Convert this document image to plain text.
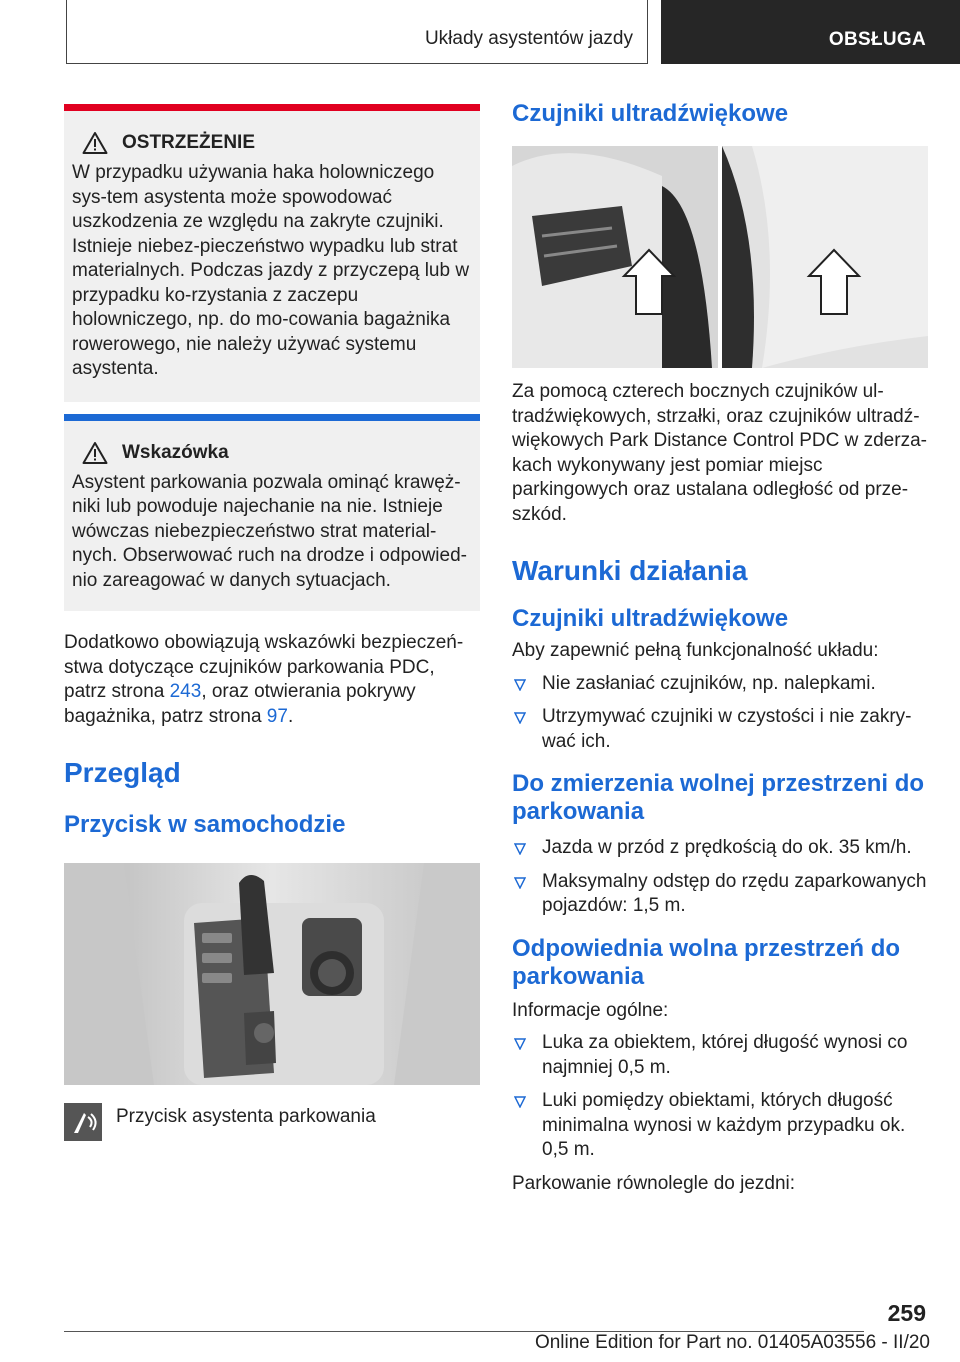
Układy asystentów jazdy	OBSŁUGA
OSTRZEŻENIE

W przypadku używania haka holowniczego sys-tem asystenta może spowodować uszkodzenia ze względu na zakryte czujniki. Istnieje niebez-pieczeństwo wypadku lub strat materialnych. Podczas jazdy z przyczepą lub w przypadku ko-rzystania z zaczepu holowniczego, np. do mo-cowania bagażnika rowerowego, nie należy używać systemu asystenta.

Wskazówka

Asystent parkowania pozwala ominąć krawęż-niki lub powoduje najechanie na nie. Istnieje wówczas niebezpieczeństwo strat material-nych. Obserwować ruch na drodze i odpowied-nio zareagować w danych sytuacjach.

Dodatkowo obowiązują wskazówki bezpieczeń-stwa dotyczące czujników parkowania PDC, patrz strona 243, oraz otwierania pokrywy bagażnika, patrz strona 97.

Przegląd
Przycisk w samochodzie
Przycisk asystenta parkowania
Czujniki ultradźwiękowe

Za pomocą czterech bocznych czujników ul-tradźwiękowych, strzałki, oraz czujników ultradź-więkowych Park Distance Control PDC w zderza-kach wykonywany jest pomiar miejsc parkingowych oraz ustalana odległość od prze-szkód.

Warunki działania
Czujniki ultradźwiękowe

Aby zapewnić pełną funkcjonalność układu:

Nie zasłaniać czujników, np. nalepkami.
Utrzymywać czujniki w czystości i nie zakry-wać ich.
Do zmierzenia wolnej przestrzeni do parkowania
Jazda w przód z prędkością do ok. 35 km/h.
Maksymalny odstęp do rzędu zaparkowanych pojazdów: 1,5 m.
Odpowiednia wolna przestrzeń do parkowania

Informacje ogólne:

Luka za obiektem, której długość wynosi co najmniej 0,5 m.
Luki pomiędzy obiektami, których długość minimalna wynosi w każdym przypadku ok. 0,5 m.

Parkowanie równolegle do jezdni:

259
Online Edition for Part no. 01405A03556 - II/20
